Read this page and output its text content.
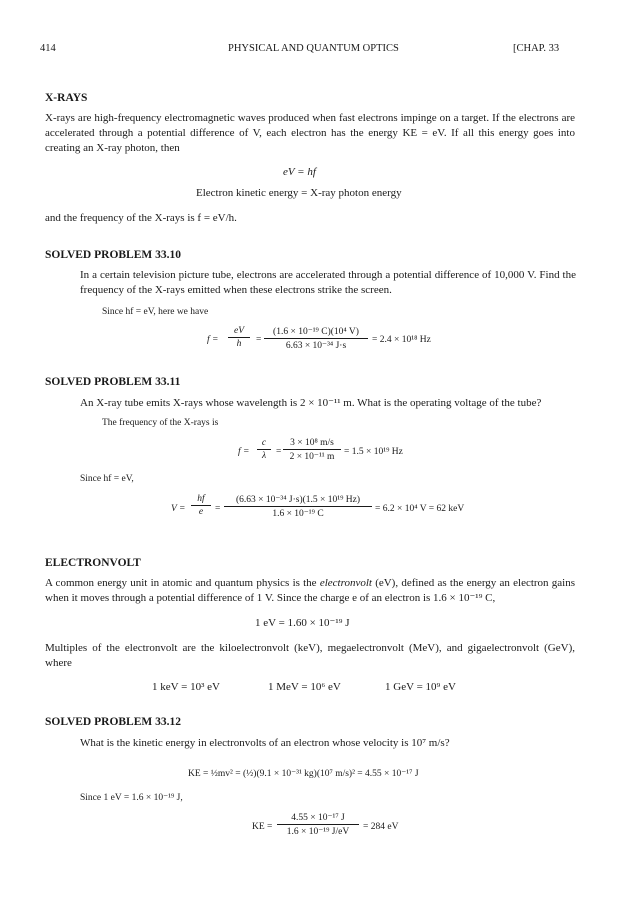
414	PHYSICAL AND QUANTUM OPTICS	[CHAP. 33
X-RAYS
X-rays are high-frequency electromagnetic waves produced when fast electrons impinge on a target. If the electrons are accelerated through a potential difference of V, each electron has the energy KE = eV. If all this energy goes into creating an X-ray photon, then
eV = hf
Electron kinetic energy = X-ray photon energy
and the frequency of the X-rays is f = eV/h.
SOLVED PROBLEM 33.10
In a certain television picture tube, electrons are accelerated through a potential difference of 10,000 V. Find the frequency of the X-rays emitted when these electrons strike the screen.
Since hf = eV, here we have
$f = \frac{eV}{h} = \frac{\text{(1.6 × 10⁻¹⁹ C)(10⁴ V)}}{\text{6.63 × 10⁻³⁴ J·s}} = 2.4 \times 10^{18}$ Hz
SOLVED PROBLEM 33.11
An X-ray tube emits X-rays whose wavelength is 2 × 10⁻¹¹ m. What is the operating voltage of the tube?
The frequency of the X-rays is
$f = \frac{c}{\lambda} = \frac{\text{3 × 10⁸ m/s}}{\text{2 × 10⁻¹¹ m}} = 1.5 \times 10^{19}$ Hz
Since hf = eV,
$V = \frac{hf}{e} = \frac{\text{(6.63 × 10⁻³⁴ J·s)(1.5 × 10¹⁹ Hz)}}{\text{1.6 × 10⁻¹⁹ C}} = 6.2 \times 10^4$ V = 62 keV
ELECTRONVOLT
A common energy unit in atomic and quantum physics is the electronvolt (eV), defined as the energy an electron gains when it moves through a potential difference of 1 V. Since the charge e of an electron is 1.6 × 10⁻¹⁹ C,
1 eV = 1.60 × 10⁻¹⁹ J
Multiples of the electronvolt are the kiloelectronvolt (keV), megaelectronvolt (MeV), and gigaelectronvolt (GeV), where
1 keV = 10³ eV	1 MeV = 10⁶ eV	1 GeV = 10⁹ eV
SOLVED PROBLEM 33.12
What is the kinetic energy in electronvolts of an electron whose velocity is 10⁷ m/s?
KE = ½mv² = (½)(9.1 × 10⁻³¹ kg)(10⁷ m/s)² = 4.55 × 10⁻¹⁷ J
Since 1 eV = 1.6 × 10⁻¹⁹ J,
KE = $\frac{\text{4.55 × 10⁻¹⁷ J}}{\text{1.6 × 10⁻¹⁹ J/eV}} = 284$ eV
